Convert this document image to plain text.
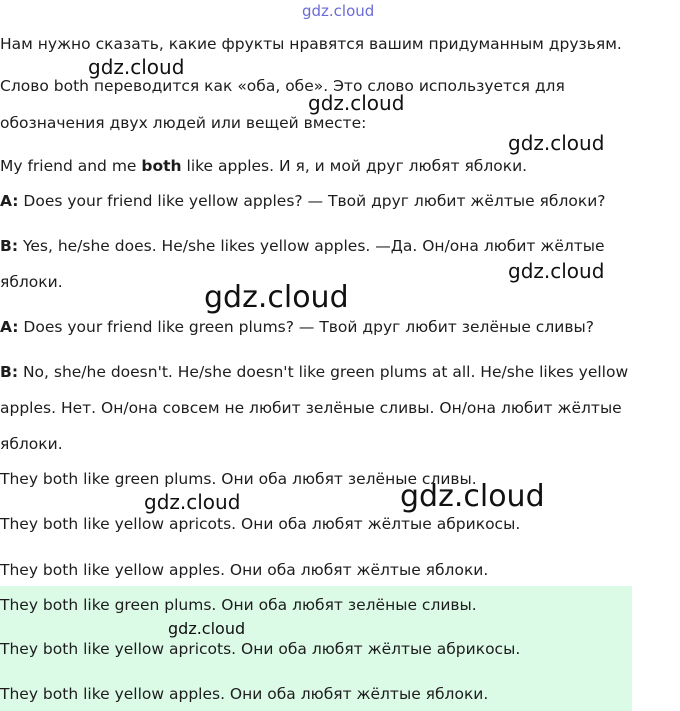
gdz.cloud
Нам нужно сказать, какие фрукты нравятся вашим придуманным друзьям.
gdz.cloud
Слово both переводится как «оба, обе». Это слово используется для
gdz.cloud
обозначения двух людей или вещей вместе:
gdz.cloud
My friend and me both like apples. И я, и мой друг любят яблоки.
A: Does your friend like yellow apples? — Твой друг любит жёлтые яблоки?
B: Yes, he/she does. He/she likes yellow apples. —Да. Он/она любит жёлтые
gdz.cloud
яблоки.	gdz.cloud
A: Does your friend like green plums? — Твой друг любит зелёные сливы?
B: No, she/he doesn't. He/she doesn't like green plums at all. He/she likes yellow
apples. Нет. Он/она совсем не любит зелёные сливы. Он/она любит жёлтые
яблоки.
They both like green plums. Они оба любят зелёные сливы.
gdz.cloud	gdz.cloud
They both like yellow apricots. Они оба любят жёлтые абрикосы.
They both like yellow apples. Они оба любят жёлтые яблоки.
They both like green plums. Они оба любят зелёные сливы.
gdz.cloud
They both like yellow apricots. Они оба любят жёлтые абрикосы.
They both like yellow apples. Они оба любят жёлтые яблоки.
